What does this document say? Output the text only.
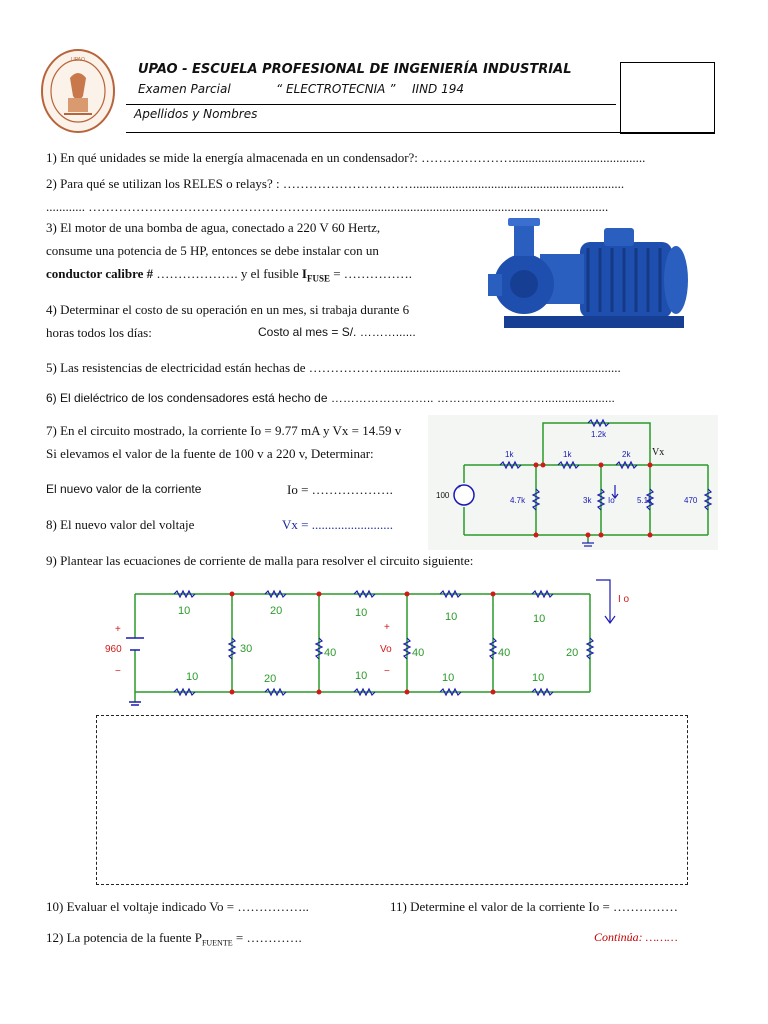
UPAO
UPAO - ESCUELA PROFESIONAL DE INGENIERÍA INDUSTRIAL
Examen Parcial	“ ELECTROTECNIA ” IIND 194
Apellidos y Nombres
1) En qué unidades se mide la energía almacenada en un condensador?: ………………….........................................
2) Para qué se utilizan los RELES o relays? : ………………………….................................................................
............ …………………………………………………....................................................................................
3) El motor de una bomba de agua, conectado a 220 V 60 Hertz,
consume una potencia de 5 HP, entonces se debe instalar con un
conductor calibre # ………………. y el fusible $I_{FUSE}$ = …………….
4) Determinar el costo de su operación en un mes, si trabaja durante 6
horas todos los días:	Costo al mes = S/. ………......
5) Las resistencias de electricidad están hechas de ………………........................................................................
6) El dieléctrico de los condensadores está hecho de …………………….. ……………………….....................
7) En el circuito mostrado, la corriente Io = 9.77 mA y Vx = 14.59 v
Si elevamos el valor de la fuente de 100 v a 220 v, Determinar:
El nuevo valor de la corriente	Io = ……………….
8) El nuevo valor del voltaje	Vx = .........................
+
1.2k
1k	1k	2k Vx
100
4.7k	3k Io	5.1k	470
9) Plantear las ecuaciones de corriente de malla para resolver el circuito siguiente:
10	20	10	10	10
10	20	10	10	10
30	40	40	40	20
+
960
−
+
Vo
−
I o
10) Evaluar el voltaje indicado Vo = ……………..	11) Determine el valor de la corriente Io = ……………
12) La potencia de la fuente $P_{FUENTE}$ = ………….	Continúa: ………
